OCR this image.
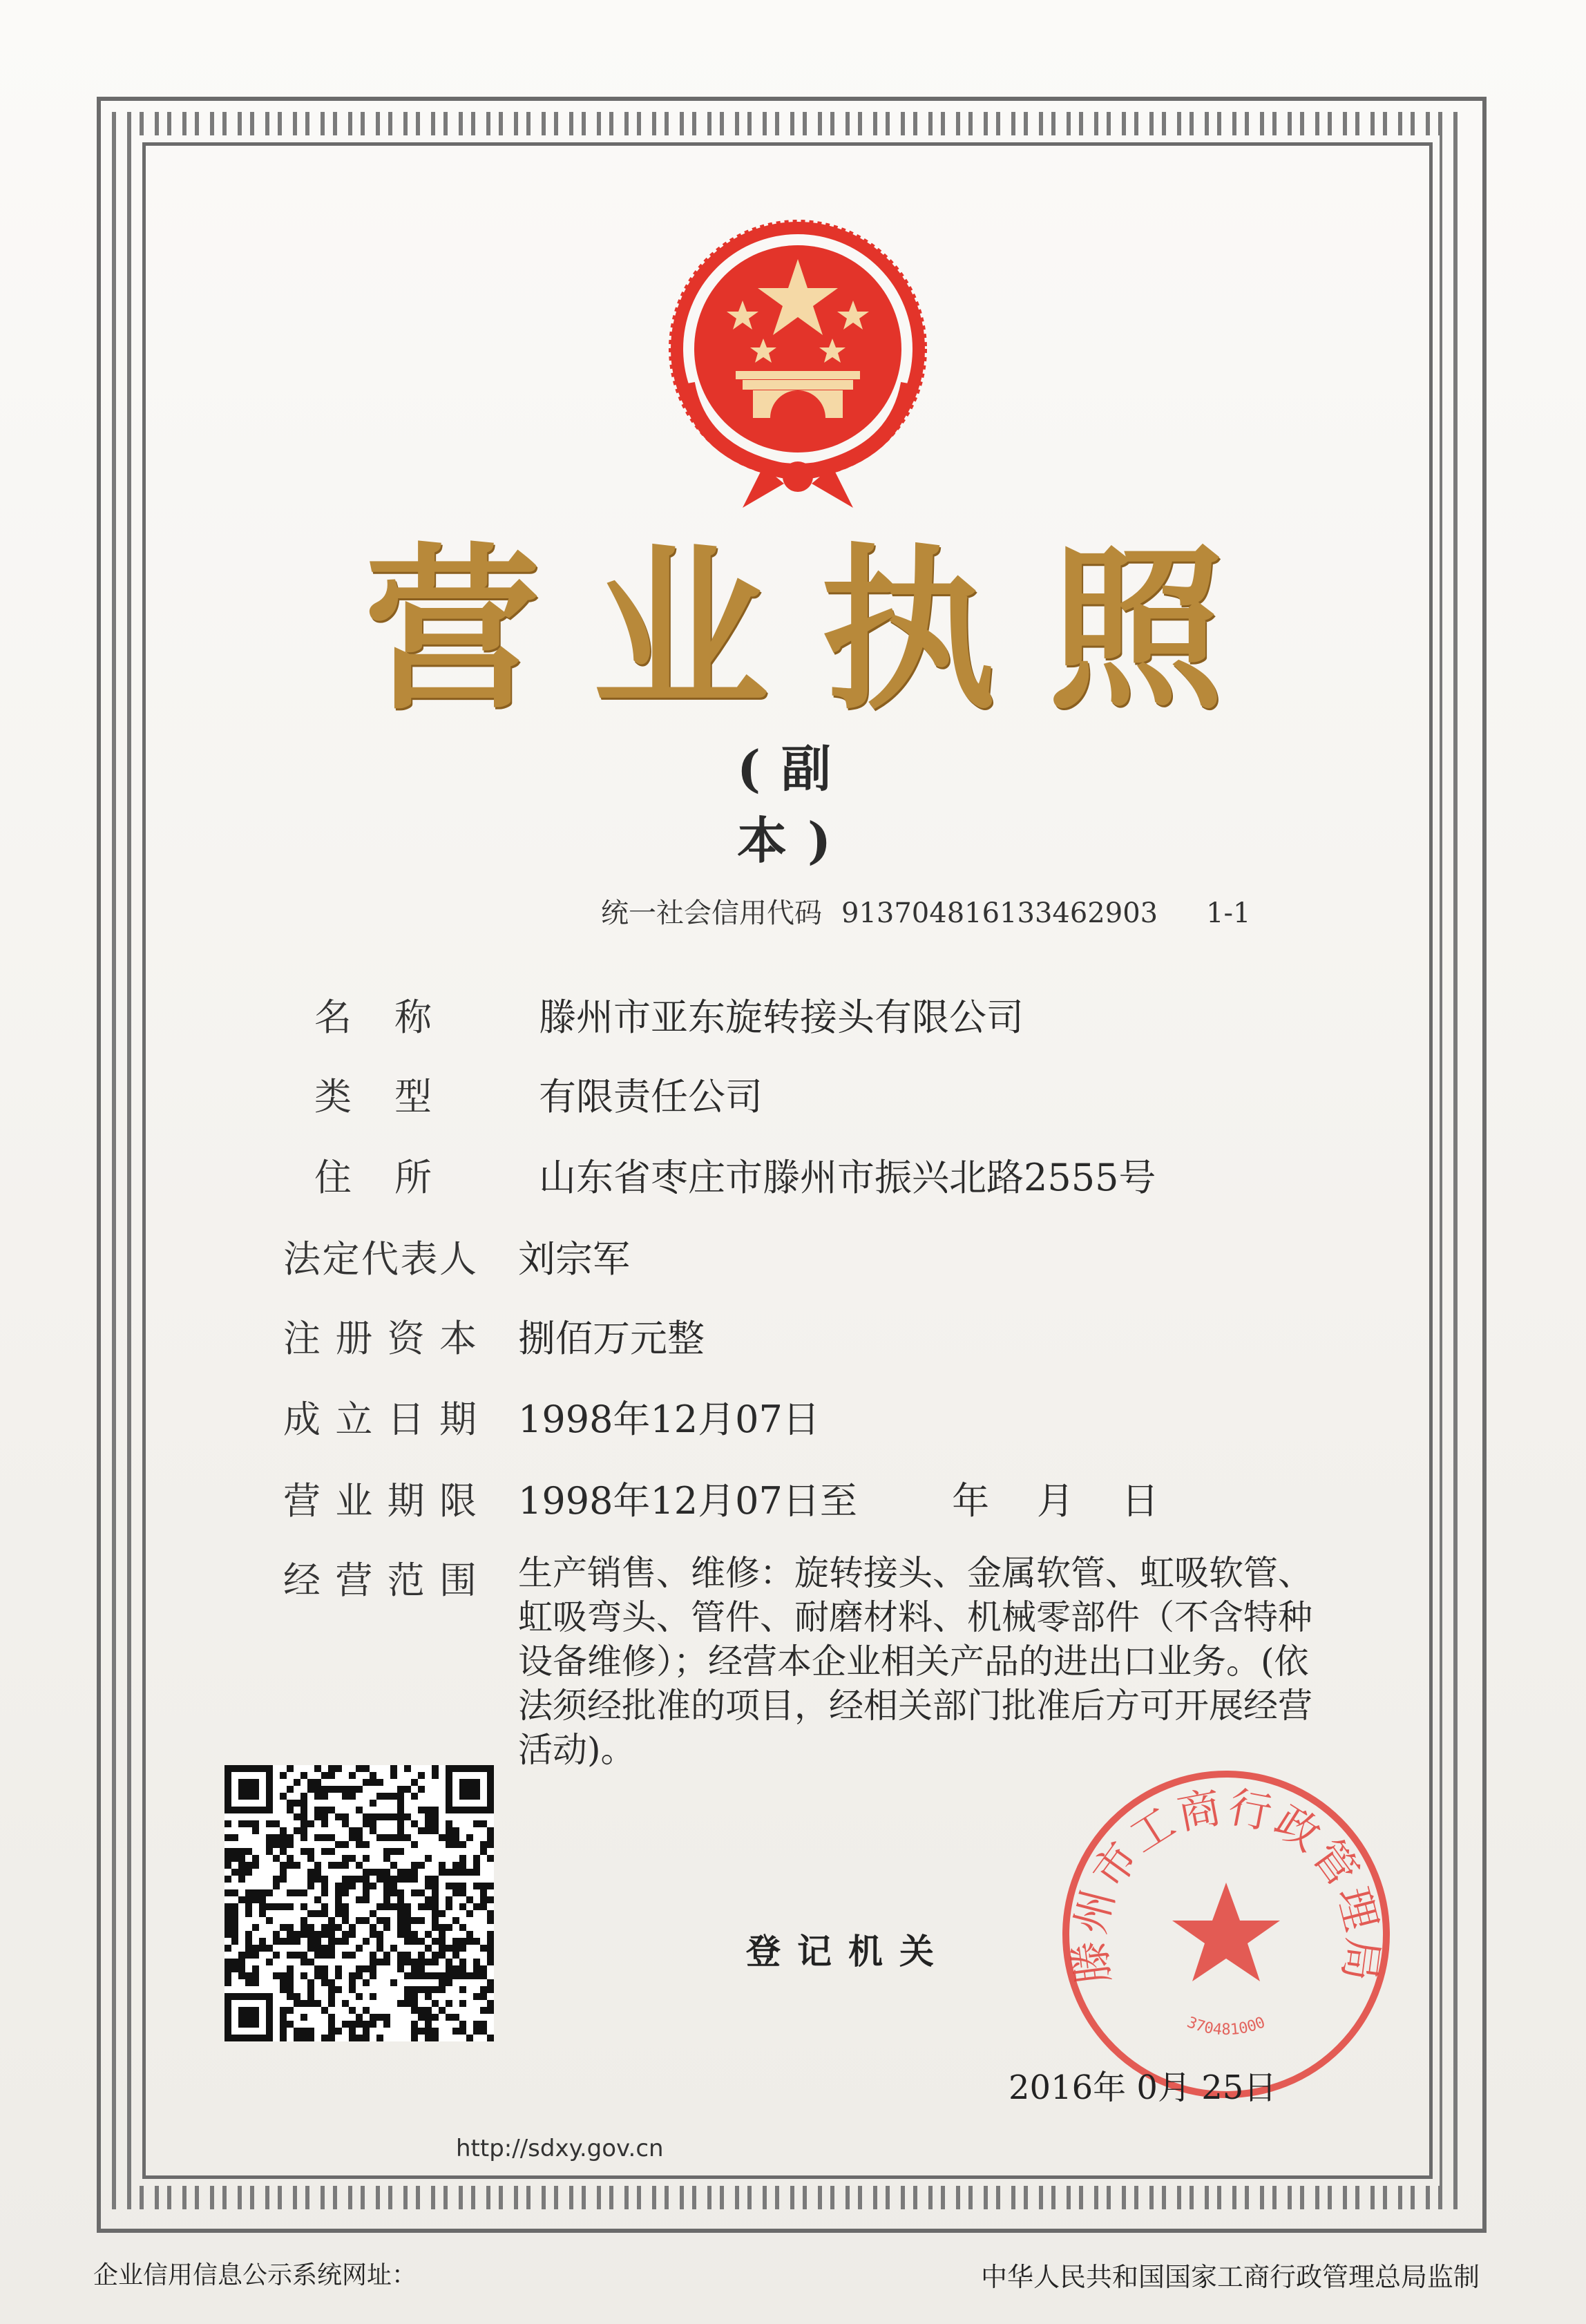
营 业 执 照
(副本)
统一社会信用代码 913704816133462903 1-1
名 称	滕州市亚东旋转接头有限公司
类 型	有限责任公司
住 所	山东省枣庄市滕州市振兴北路2555号
法定代表人 刘宗军
注册资本 捌佰万元整
成立日期 1998年12月07日
营业期限 1998年12月07日至        年    月    日
经营范围 生产销售、维修：旋转接头、金属软管、虹吸软管、虹吸弯头、管件、耐磨材料、机械零部件（不含特种设备维修）；经营本企业相关产品的进出口业务。(依法须经批准的项目，经相关部门批准后方可开展经营活动)。
登记机关	滕州市工商行政管理局
370481000
2016年 0月 25日
http://sdxy.gov.cn
企业信用信息公示系统网址：	中华人民共和国国家工商行政管理总局监制
